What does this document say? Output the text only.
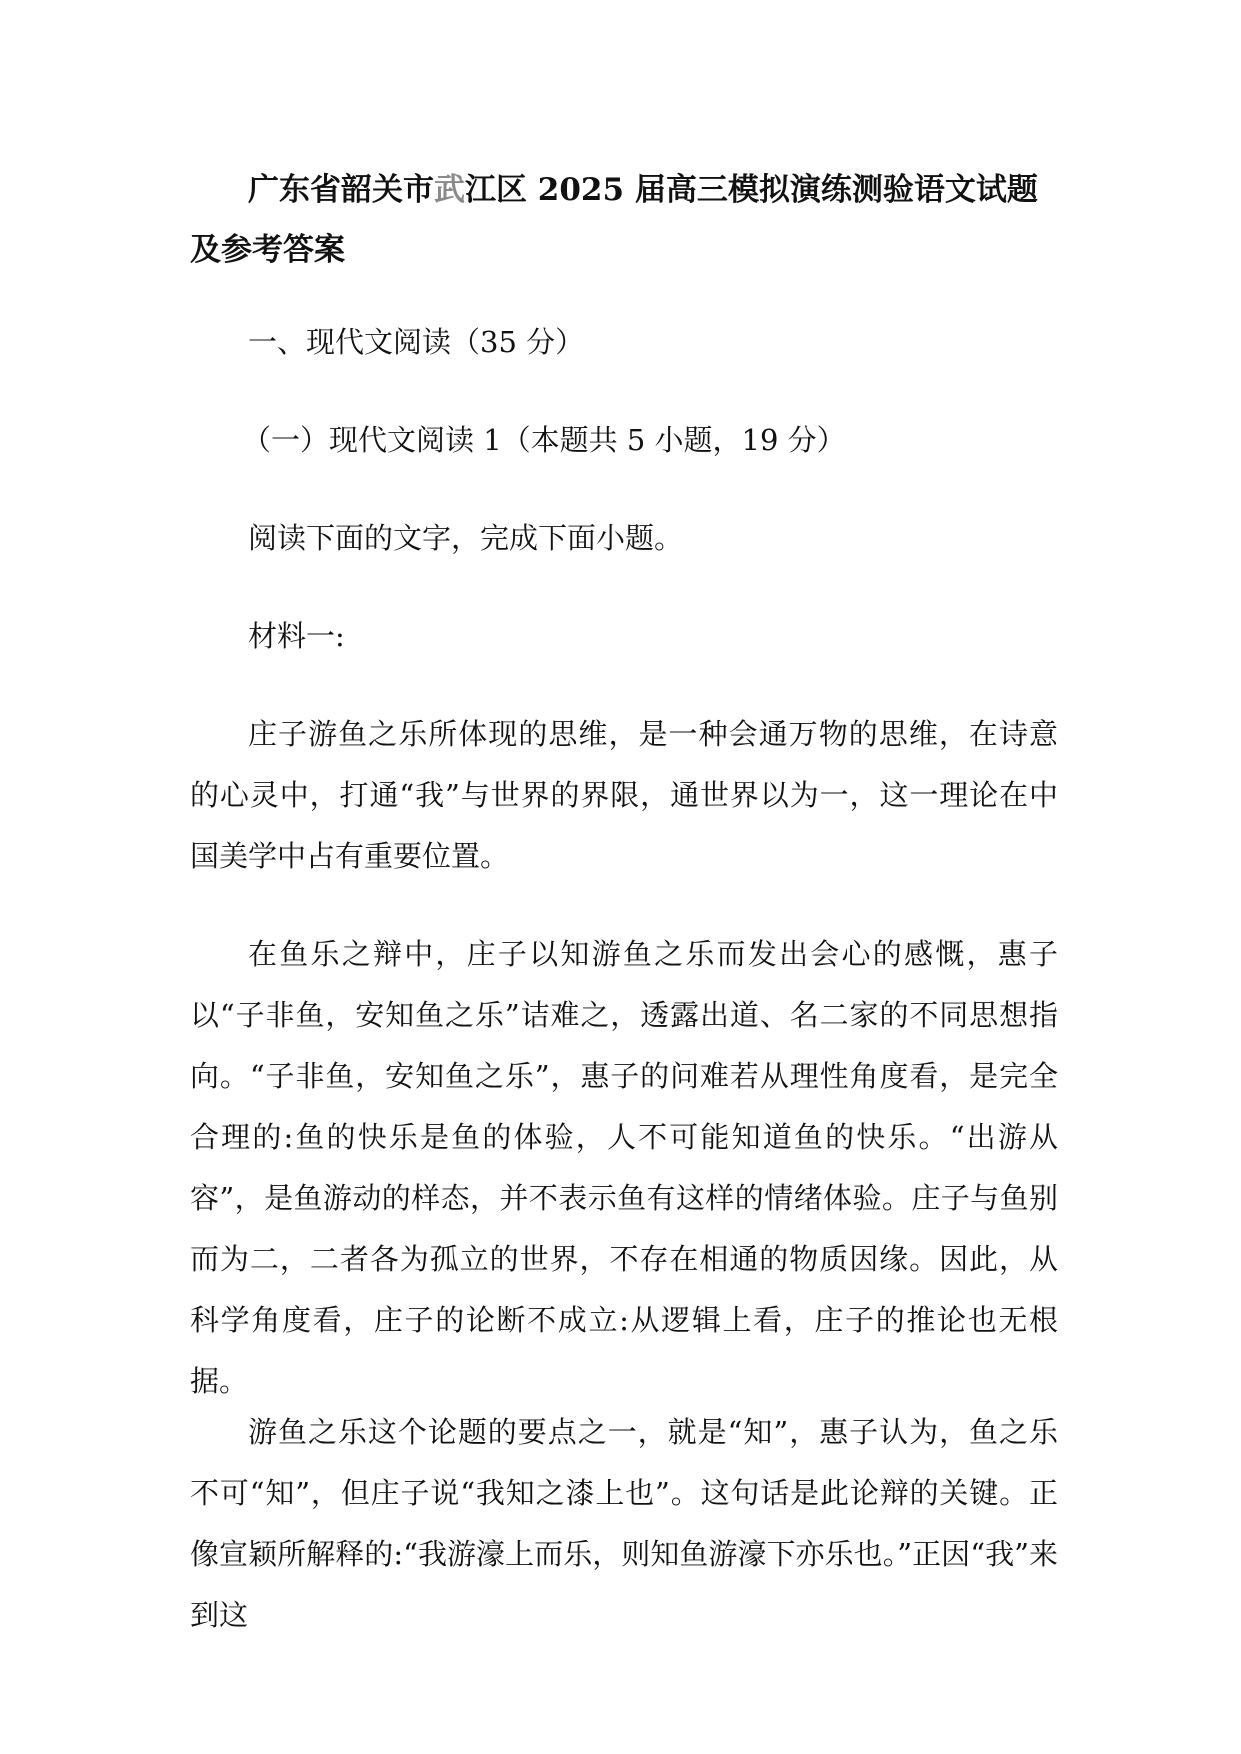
广东省韶关市武江区 2025 届高三模拟演练测验语文试题及参考答案

一、现代文阅读（35 分）

（一）现代文阅读 1（本题共 5 小题，19 分）

阅读下面的文字，完成下面小题。

材料一:

庄子游鱼之乐所体现的思维，是一种会通万物的思维，在诗意的心灵中，打通“我”与世界的界限，通世界以为一，这一理论在中国美学中占有重要位置。

在鱼乐之辩中，庄子以知游鱼之乐而发出会心的感慨，惠子以“子非鱼，安知鱼之乐”诘难之，透露出道、名二家的不同思想指向。“子非鱼，安知鱼之乐”，惠子的问难若从理性角度看，是完全合理的:鱼的快乐是鱼的体验，人不可能知道鱼的快乐。“出游从容”，是鱼游动的样态，并不表示鱼有这样的情绪体验。庄子与鱼别而为二，二者各为孤立的世界，不存在相通的物质因缘。因此，从科学角度看，庄子的论断不成立:从逻辑上看，庄子的推论也无根据。

游鱼之乐这个论题的要点之一，就是“知”，惠子认为，鱼之乐不可“知”，但庄子说“我知之漆上也”。这句话是此论辩的关键。正像宣颖所解释的:“我游濠上而乐，则知鱼游濠下亦乐也。”正因“我”来到这
